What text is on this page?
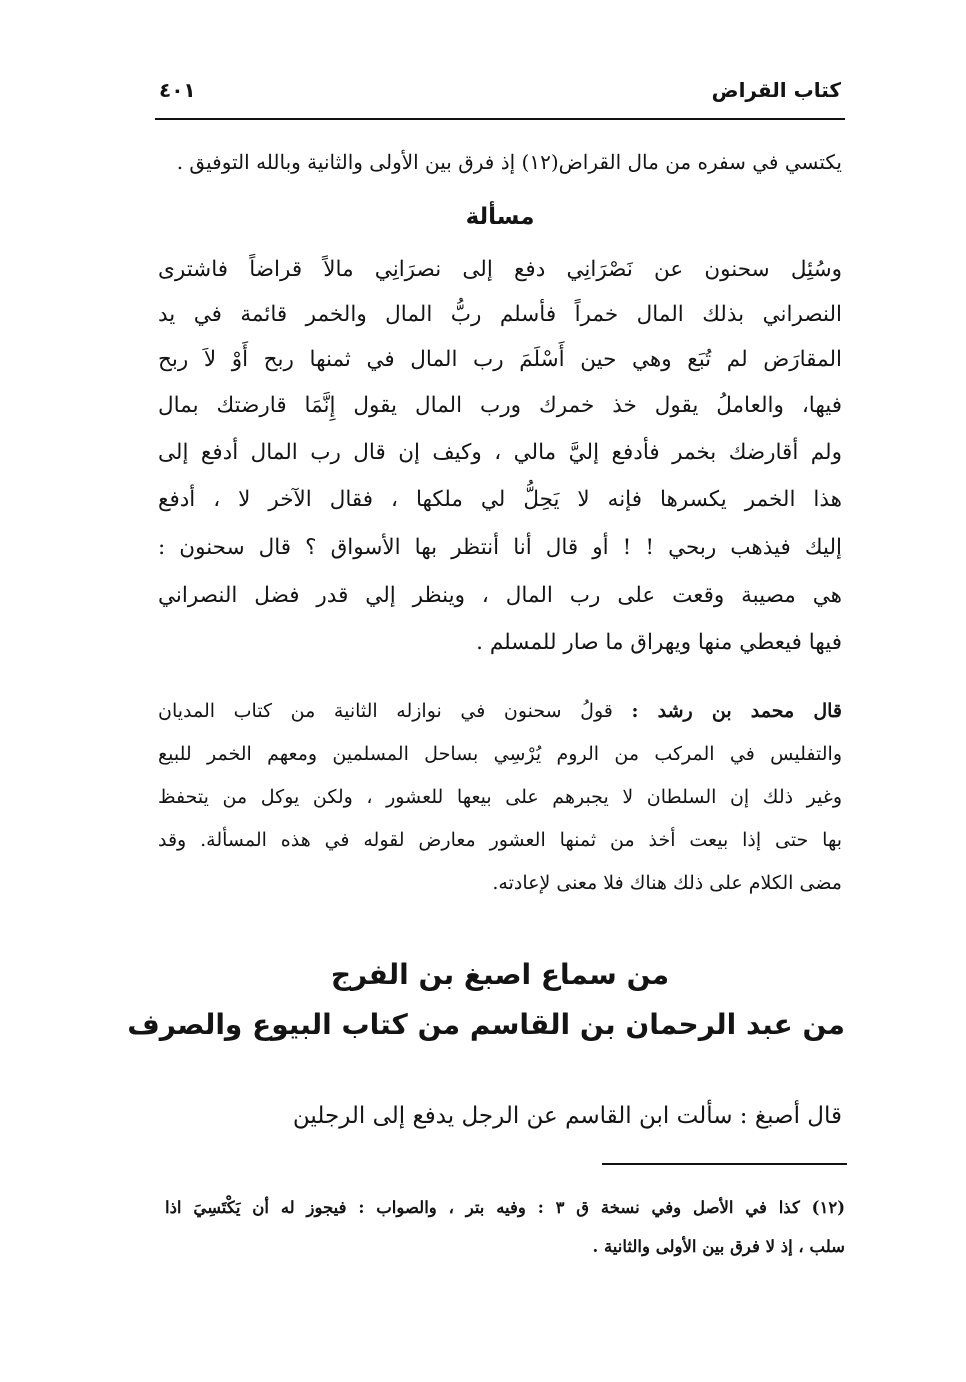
كتاب القراض
٤٠١
يكتسي في سفره من مال القراض(١٢) إذ فرق بين الأولى والثانية وبالله التوفيق .
مسألة
وسُئِل سحنون عن نَصْرَانِي دفع إلى نصرَانِي مالاً قراضاً فاشترى
النصراني بذلك المال خمراً فأسلم ربُّ المال والخمر قائمة في يد
المقارَض لم تُبَع وهي حين أَسْلَمَ رب المال في ثمنها ربح أَوْ لاَ ربح
فيها، والعاملُ يقول خذ خمرك ورب المال يقول إِنَّمَا قارضتك بمال
ولم أقارضك بخمر فأدفع إليَّ مالي ، وكيف إن قال رب المال أدفع إلى
هذا الخمر يكسرها فإنه لا يَحِلُّ لي ملكها ، فقال الآخر لا ، أدفع
إليك فيذهب ربحي ! ! أو قال أنا أنتظر بها الأسواق ؟ قال سحنون :
هي مصيبة وقعت على رب المال ، وينظر إلي قدر فضل النصراني
فيها فيعطي منها ويهراق ما صار للمسلم .
قال محمد بن رشد : قولُ سحنون في نوازله الثانية من كتاب المديان
والتفليس في المركب من الروم يُرْسِي بساحل المسلمين ومعهم الخمر للبيع
وغير ذلك إن السلطان لا يجبرهم على بيعها للعشور ، ولكن يوكل من يتحفظ
بها حتى إذا بيعت أخذ من ثمنها العشور معارض لقوله في هذه المسألة. وقد
مضى الكلام على ذلك هناك فلا معنى لإعادته.
من سماع اصبغ بن الفرج
من عبد الرحمان بن القاسم من كتاب البيوع والصرف
قال أصبغ : سألت ابن القاسم عن الرجل يدفع إلى الرجلين
(١٢) كذا في الأصل وفي نسخة ق ٣ : وفيه بتر ، والصواب : فيجوز له أن يَكْتَسِيَ اذا
سلب ، إذ لا فرق بين الأولى والثانية .
